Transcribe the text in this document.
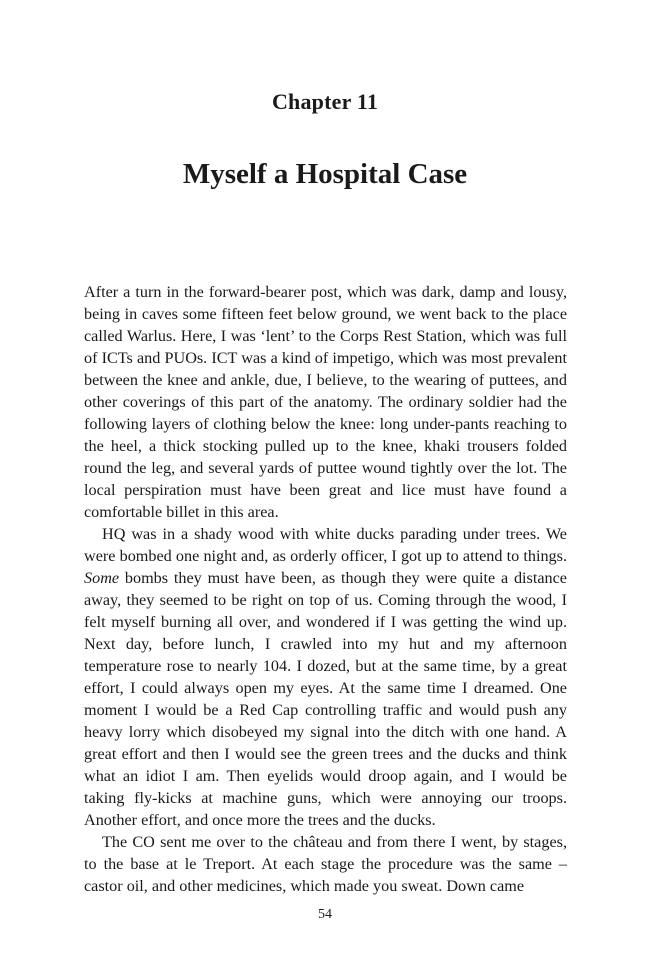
Chapter 11
Myself a Hospital Case

After a turn in the forward-bearer post, which was dark, damp and lousy, being in caves some fifteen feet below ground, we went back to the place called Warlus. Here, I was ‘lent’ to the Corps Rest Station, which was full of ICTs and PUOs. ICT was a kind of impetigo, which was most prevalent between the knee and ankle, due, I believe, to the wearing of puttees, and other coverings of this part of the anatomy. The ordinary soldier had the following layers of clothing below the knee: long under-pants reaching to the heel, a thick stocking pulled up to the knee, khaki trousers folded round the leg, and several yards of puttee wound tightly over the lot. The local perspiration must have been great and lice must have found a comfortable billet in this area.

HQ was in a shady wood with white ducks parading under trees. We were bombed one night and, as orderly officer, I got up to attend to things. Some bombs they must have been, as though they were quite a distance away, they seemed to be right on top of us. Coming through the wood, I felt myself burning all over, and wondered if I was getting the wind up. Next day, before lunch, I crawled into my hut and my afternoon temperature rose to nearly 104. I dozed, but at the same time, by a great effort, I could always open my eyes. At the same time I dreamed. One moment I would be a Red Cap controlling traffic and would push any heavy lorry which disobeyed my signal into the ditch with one hand. A great effort and then I would see the green trees and the ducks and think what an idiot I am. Then eyelids would droop again, and I would be taking fly-kicks at machine guns, which were annoying our troops. Another effort, and once more the trees and the ducks.

The CO sent me over to the château and from there I went, by stages, to the base at le Treport. At each stage the procedure was the same – castor oil, and other medicines, which made you sweat. Down came

54
